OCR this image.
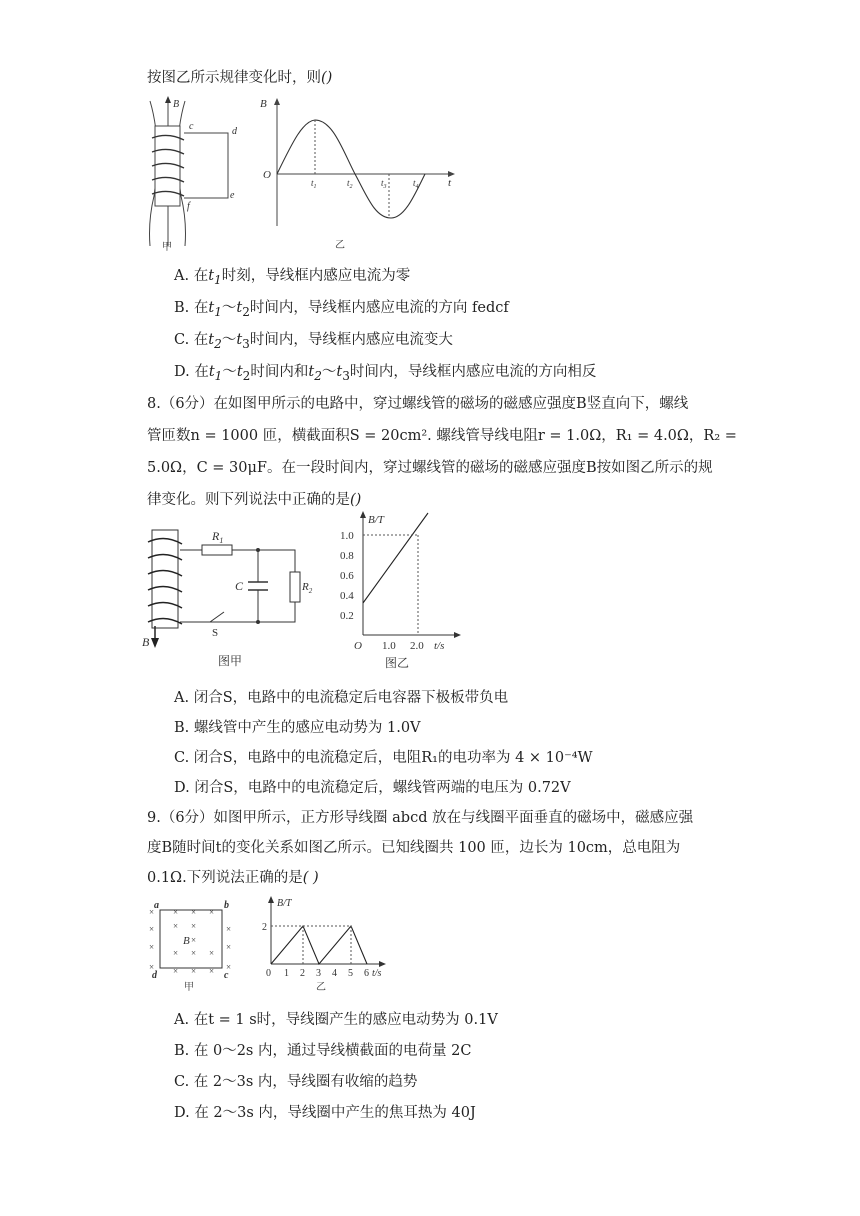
按图乙所示规律变化时，则()
B
c	d
e
f
甲
B
O
t
$t_1$	$t_2$	$t_3$	$t_4$
乙
A. 在$t_1$时刻，导线框内感应电流为零
B. 在$t_1\sim t_2$时间内，导线框内感应电流的方向 fedcf
C. 在$t_2\sim t_3$时间内，导线框内感应电流变大
D. 在$t_1\sim t_2$时间内和$t_2\sim t_3$时间内，导线框内感应电流的方向相反
8.（6分）在如图甲所示的电路中，穿过螺线管的磁场的磁感应强度B竖直向下，螺线
管匝数n = 1000 匝，横截面积S = 20cm². 螺线管导线电阻r = 1.0Ω，R₁ = 4.0Ω，R₂ =
5.0Ω，C = 30μF。在一段时间内，穿过螺线管的磁场的磁感应强度B按如图乙所示的规
律变化。则下列说法中正确的是()
$R_1$
$R_2$
C
S
B
图甲
B/T
1.0
0.8
0.6
0.4
0.2
O 1.0 2.0 t/s
图乙
A. 闭合S，电路中的电流稳定后电容器下极板带负电
B. 螺线管中产生的感应电动势为 1.0V
C. 闭合S，电路中的电流稳定后，电阻R₁的电功率为 4 × 10⁻⁴W
D. 闭合S，电路中的电流稳定后，螺线管两端的电压为 0.72V
9.（6分）如图甲所示，正方形导线圈 abcd 放在与线圈平面垂直的磁场中，磁感应强
度B随时间t的变化关系如图乙所示。已知线圈共 100 匝，边长为 10cm，总电阻为
0.1Ω.下列说法正确的是( )
× × × ×
× × ×	×
×
×
×
× × ×
× × × × ×
a	b
c
d
B
甲
B/T
2
0 1 2 3 4 5 6 t/s
乙
A. 在t = 1 s时，导线圈产生的感应电动势为 0.1V
B. 在 0～2s 内，通过导线横截面的电荷量 2C
C. 在 2～3s 内，导线圈有收缩的趋势
D. 在 2～3s 内，导线圈中产生的焦耳热为 40J
